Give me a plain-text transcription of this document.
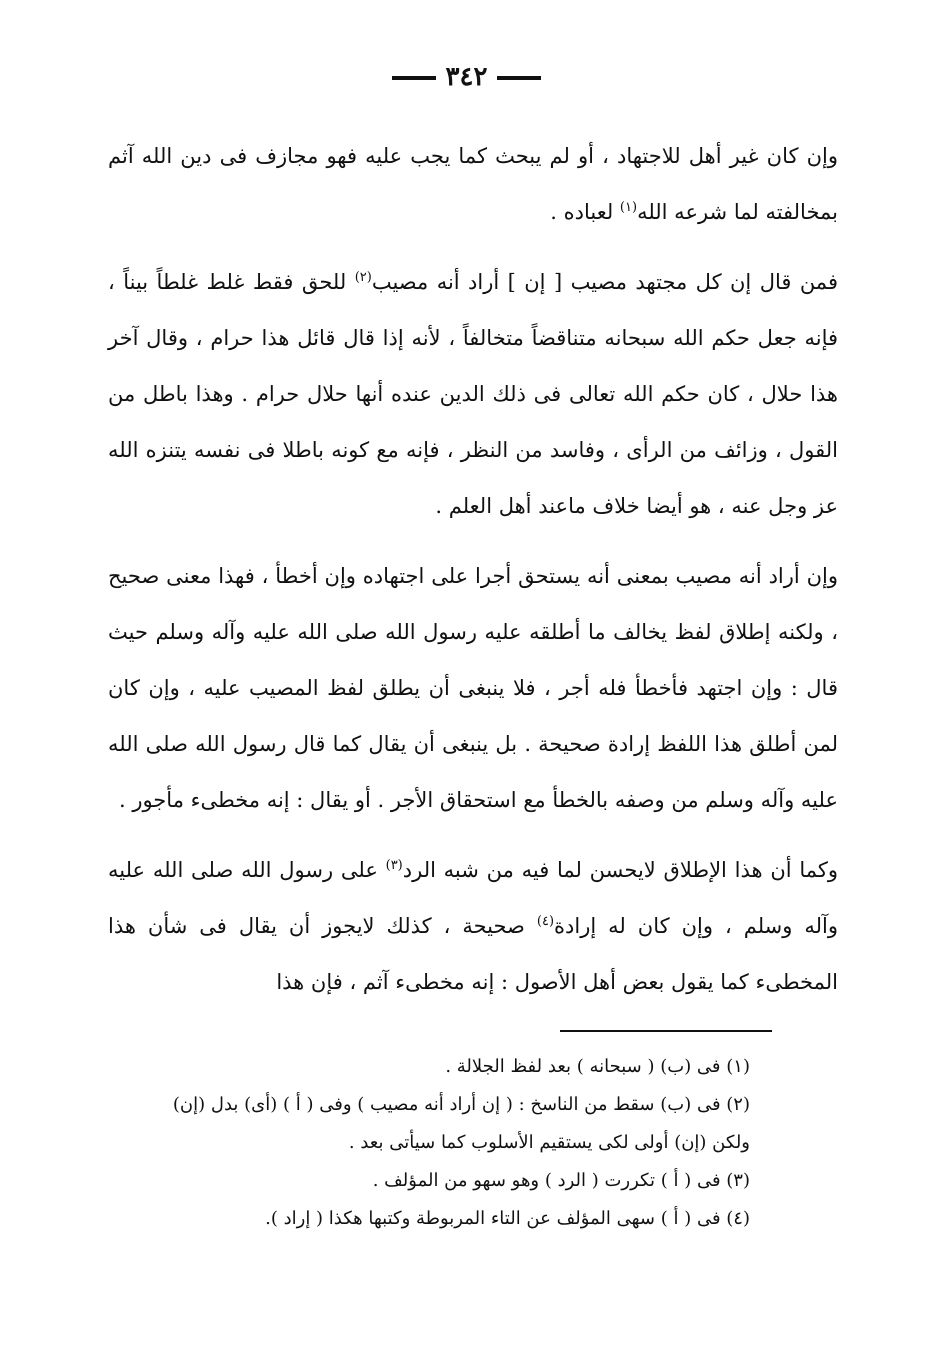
٣٤٢

وإن كان غير أهل للاجتهاد ، أو لم يبحث كما يجب عليه فهو مجازف فى دين الله آثم بمخالفته لما شرعه الله$^{(١)}$ لعباده .

فمن قال إن كل مجتهد مصيب [ إن ] أراد أنه مصيب$^{(٢)}$ للحق فقط غلط غلطاً بيناً ، فإنه جعل حكم الله سبحانه متناقضاً متخالفاً ، لأنه إذا قال قائل هذا حرام ، وقال آخر هذا حلال ، كان حكم الله تعالى فى ذلك الدين عنده أنها حلال حرام . وهذا باطل من القول ، وزائف من الرأى ، وفاسد من النظر ، فإنه مع كونه باطلا فى نفسه يتنزه الله عز وجل عنه ، هو أيضا خلاف ماعند أهل العلم .

وإن أراد أنه مصيب بمعنى أنه يستحق أجرا على اجتهاده وإن أخطأ ، فهذا معنى صحيح ، ولكنه إطلاق لفظ يخالف ما أطلقه عليه رسول الله صلى الله عليه وآله وسلم حيث قال : وإن اجتهد فأخطأ فله أجر ، فلا ينبغى أن يطلق لفظ المصيب عليه ، وإن كان لمن أطلق هذا اللفظ إرادة صحيحة . بل ينبغى أن يقال كما قال رسول الله صلى الله عليه وآله وسلم من وصفه بالخطأ مع استحقاق الأجر . أو يقال : إنه مخطىء مأجور .

وكما أن هذا الإطلاق لايحسن لما فيه من شبه الرد$^{(٣)}$ على رسول الله صلى الله عليه وآله وسلم ، وإن كان له إرادة$^{(٤)}$ صحيحة ، كذلك لايجوز أن يقال فى شأن هذا المخطىء كما يقول بعض أهل الأصول : إنه مخطىء آثم ، فإن هذا

(١) فى (ب) ( سبحانه ) بعد لفظ الجلالة .

(٢) فى (ب) سقط من الناسخ : ( إن أراد أنه مصيب ) وفى ( أ ) (أى) بدل (إن) ولكن (إن) أولى لكى يستقيم الأسلوب كما سيأتى بعد .

(٣) فى ( أ ) تكررت ( الرد ) وهو سهو من المؤلف .

(٤) فى ( أ ) سهى المؤلف عن التاء المربوطة وكتبها هكذا ( إراد ).
